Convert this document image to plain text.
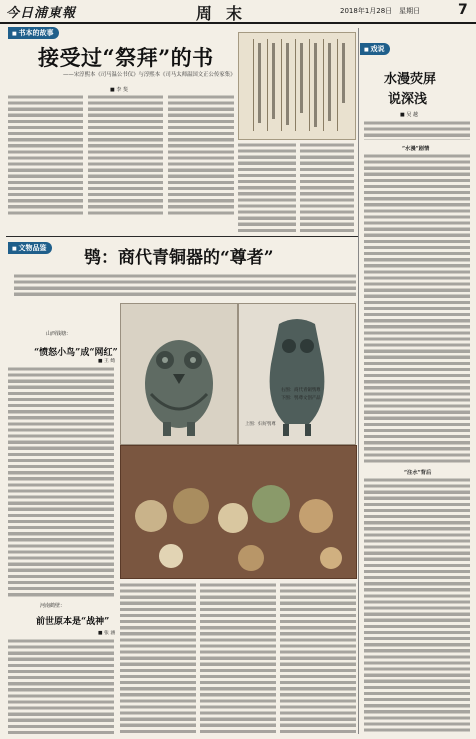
今日浦東報	周末	2018年1月28日　星期日	7
■ 书本的故事
接受过“祭拜”的书
——宋淳熙本《司马温公书仪》与淳熙本《司马太师温国文正公传家集》
■ 李 斐
■ 戏说
水漫荧屏
说深浅
■ 吴 越
“水漫”剧情
“注水”背后
■ 文物品鉴	鸮：商代青铜器的“尊者”
山西钱塘：
“愤怒小鸟”成“网红”
■ 王 绮
河南鹤壁：
前世原本是“战神”
■ 张 涵
上图：妇好鸮尊
右图：商代青铜鸮尊
下图：鸮尊文创产品
